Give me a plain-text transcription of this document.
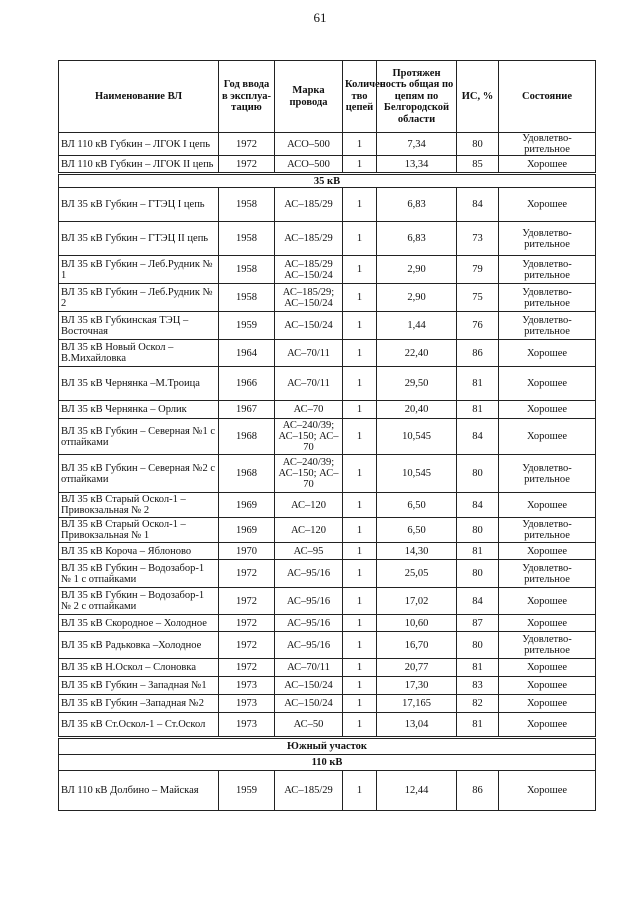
61
Наименование ВЛ	Год ввода в эксплуа-тацию	Марка провода	Количес тво цепей	Протяжен ность общая по цепям по Белгородской области	ИС, %	Состояние
ВЛ 110 кВ Губкин – ЛГОК I цепь	1972	АСО–500	1	7,34	80	Удовлетво-рительное
ВЛ 110 кВ Губкин – ЛГОК II цепь	1972	АСО–500	1	13,34	85	Хорошее
35 кВ						
ВЛ 35 кВ Губкин – ГТЭЦ I цепь	1958	АС–185/29	1	6,83	84	Хорошее
ВЛ 35 кВ Губкин – ГТЭЦ II цепь	1958	АС–185/29	1	6,83	73	Удовлетво-рительное
ВЛ 35 кВ Губкин – Леб.Рудник № 1	1958	АС–185/29 АС–150/24	1	2,90	79	Удовлетво-рительное
ВЛ 35 кВ Губкин – Леб.Рудник № 2	1958	АС–185/29; АС–150/24	1	2,90	75	Удовлетво-рительное
ВЛ 35 кВ Губкинская ТЭЦ – Восточная	1959	АС–150/24	1	1,44	76	Удовлетво-рительное
ВЛ 35 кВ Новый Оскол – В.Михайловка	1964	АС–70/11	1	22,40	86	Хорошее
ВЛ 35 кВ Чернянка –М.Троица	1966	АС–70/11	1	29,50	81	Хорошее
ВЛ 35 кВ Чернянка – Орлик	1967	АС–70	1	20,40	81	Хорошее
ВЛ 35 кВ Губкин – Северная №1 с отпайками	1968	АС–240/39; АС–150; АС–70	1	10,545	84	Хорошее
ВЛ 35 кВ Губкин – Северная №2 с отпайками	1968	АС–240/39; АС–150; АС–70	1	10,545	80	Удовлетво-рительное
ВЛ 35 кВ Старый Оскол-1 – Привокзальная № 2	1969	АС–120	1	6,50	84	Хорошее
ВЛ 35 кВ Старый Оскол-1 – Привокзальная № 1	1969	АС–120	1	6,50	80	Удовлетво-рительное
ВЛ 35 кВ Корочa – Яблоново	1970	АС–95	1	14,30	81	Хорошее
ВЛ 35 кВ Губкин – Водозабор-1 № 1 с отпайками	1972	АС–95/16	1	25,05	80	Удовлетво-рительное
ВЛ 35 кВ Губкин – Водозабор-1 № 2 с отпайками	1972	АС–95/16	1	17,02	84	Хорошее
ВЛ 35 кВ Скородное – Холодное	1972	АС–95/16	1	10,60	87	Хорошее
ВЛ 35 кВ Радьковка –Холодное	1972	АС–95/16	1	16,70	80	Удовлетво-рительное
ВЛ 35 кВ Н.Оскол – Слоновка	1972	АС–70/11	1	20,77	81	Хорошее
ВЛ 35 кВ Губкин – Западная №1	1973	АС–150/24	1	17,30	83	Хорошее
ВЛ 35 кВ Губкин –Западная №2	1973	АС–150/24	1	17,165	82	Хорошее
ВЛ 35 кВ Ст.Оскол-1 – Ст.Оскол	1973	АС–50	1	13,04	81	Хорошее
Южный участок						
110 кВ						
ВЛ 110 кВ Долбино – Майская	1959	АС–185/29	1	12,44	86	Хорошее
